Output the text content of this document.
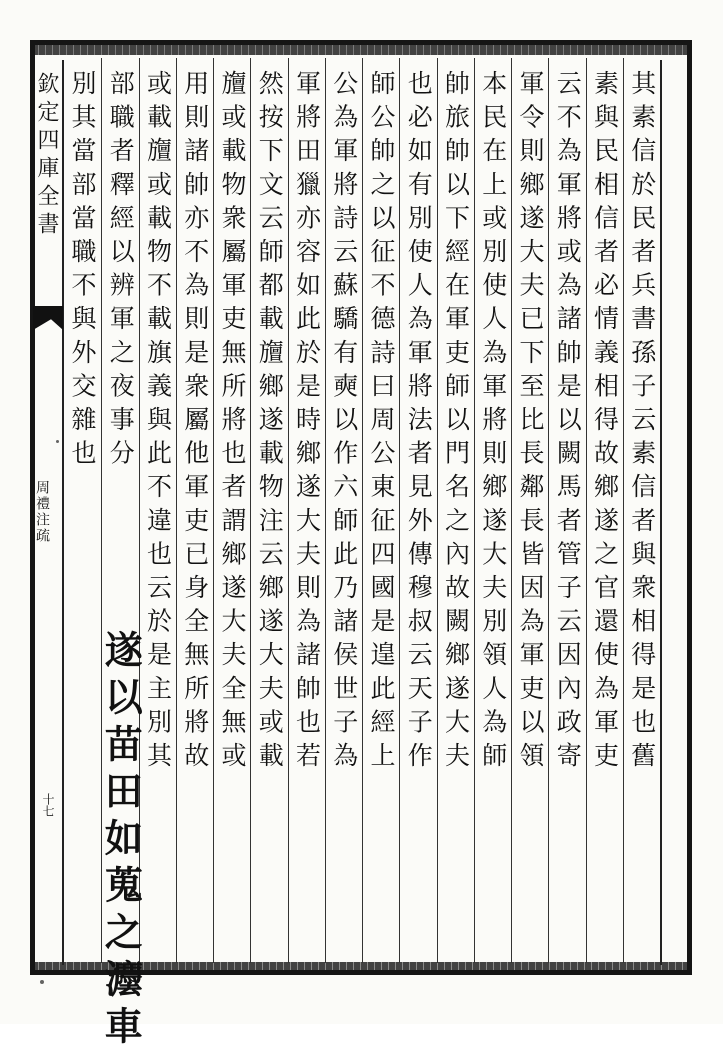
欽定四庫全書
周禮注疏
十七
其素信於民者兵書孫子云素信者與衆相得是也舊
素與民相信者必情義相得故鄉遂之官還使為軍吏
云不為軍將或為諸帥是以闕馬者管子云因內政寄
軍令則鄉遂大夫已下至比長鄰長皆因為軍吏以領
本民在上或別使人為軍將則鄉遂大夫別領人為師
帥旅帥以下經在軍吏師以門名之內故闕鄉遂大夫
也必如有別使人為軍將法者見外傳穆叔云天子作
師公帥之以征不德詩曰周公東征四國是遑此經上
公為軍將詩云蘇驕有奭以作六師此乃諸侯世子為
軍將田獵亦容如此於是時鄉遂大夫則為諸帥也若
然按下文云師都載旜鄉遂載物注云鄉遂大夫或載
旜或載物衆屬軍吏無所將也者謂鄉遂大夫全無或
用則諸帥亦不為則是衆屬他軍吏已身全無所將故
或載旜或載物不載旗義與此不違也云於是主別其
部職者釋經以辨軍之夜事分
遂以苗田如蒐之灋車
別其當部當職不與外交雜也
